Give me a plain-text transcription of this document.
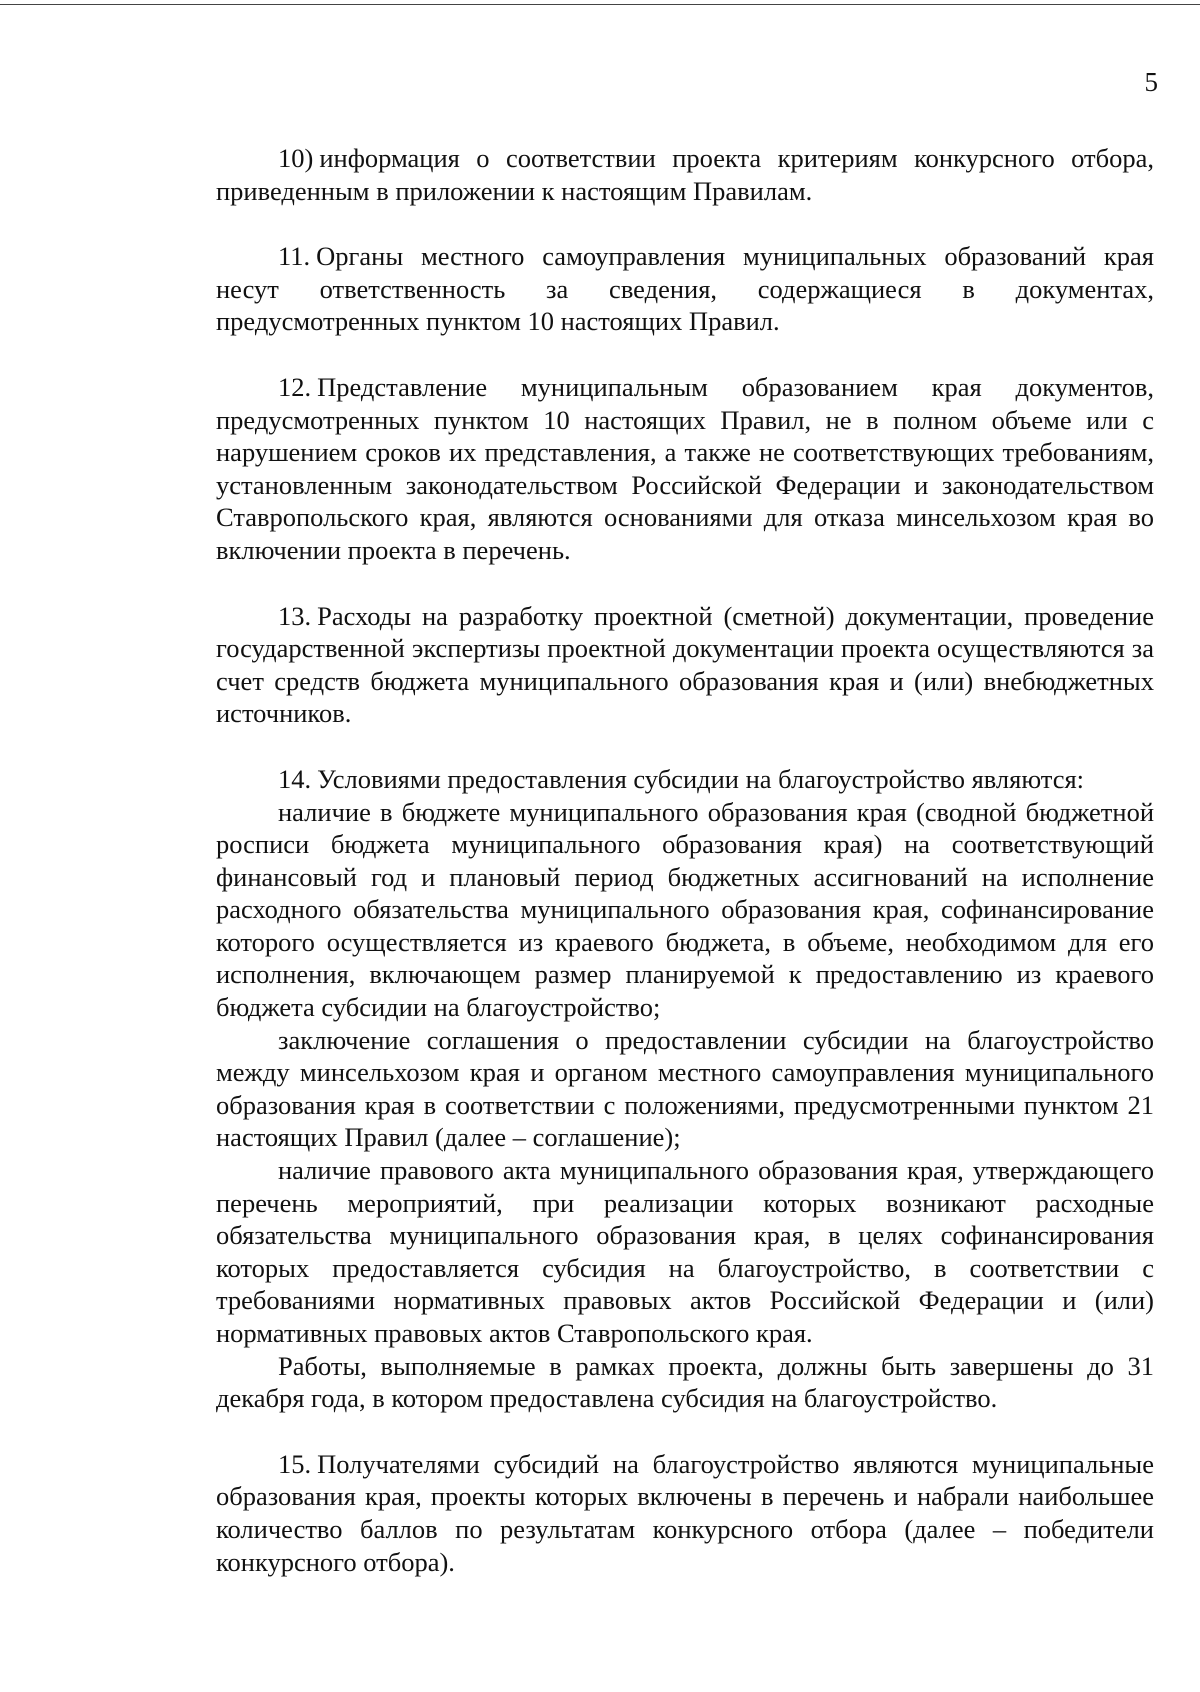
5

10) информация о соответствии проекта критериям конкурсного отбора, приведенным в приложении к настоящим Правилам.

11. Органы местного самоуправления муниципальных образований края несут ответственность за сведения, содержащиеся в документах, предусмотренных пунктом 10 настоящих Правил.

12. Представление муниципальным образованием края документов, предусмотренных пунктом 10 настоящих Правил, не в полном объеме или с нарушением сроков их представления, а также не соответствующих требованиям, установленным законодательством Российской Федерации и законодательством Ставропольского края, являются основаниями для отказа минсельхозом края во включении проекта в перечень.

13. Расходы на разработку проектной (сметной) документации, проведение государственной экспертизы проектной документации проекта осуществляются за счет средств бюджета муниципального образования края и (или) внебюджетных источников.

14. Условиями предоставления субсидии на благоустройство являются:

наличие в бюджете муниципального образования края (сводной бюджетной росписи бюджета муниципального образования края) на соответствующий финансовый год и плановый период бюджетных ассигнований на исполнение расходного обязательства муниципального образования края, софинансирование которого осуществляется из краевого бюджета, в объеме, необходимом для его исполнения, включающем размер планируемой к предоставлению из краевого бюджета субсидии на благоустройство;

заключение соглашения о предоставлении субсидии на благоустройство между минсельхозом края и органом местного самоуправления муниципального образования края в соответствии с положениями, предусмотренными пунктом 21 настоящих Правил (далее – соглашение);

наличие правового акта муниципального образования края, утверждающего перечень мероприятий, при реализации которых возникают расходные обязательства муниципального образования края, в целях софинансирования которых предоставляется субсидия на благоустройство, в соответствии с требованиями нормативных правовых актов Российской Федерации и (или) нормативных правовых актов Ставропольского края.

Работы, выполняемые в рамках проекта, должны быть завершены до 31 декабря года, в котором предоставлена субсидия на благоустройство.

15. Получателями субсидий на благоустройство являются муниципальные образования края, проекты которых включены в перечень и набрали наибольшее количество баллов по результатам конкурсного отбора (далее – победители конкурсного отбора).
